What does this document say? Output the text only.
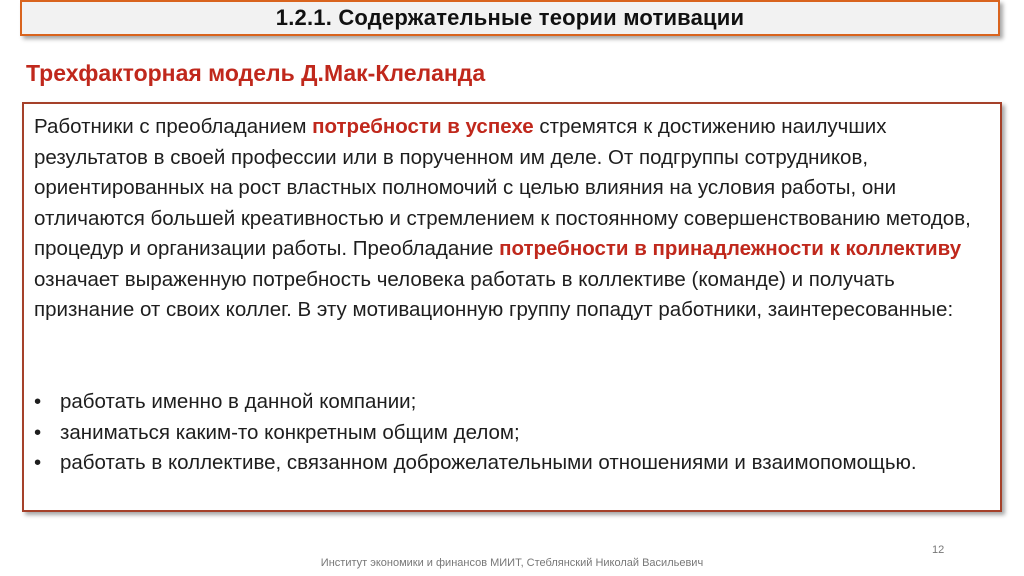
1.2.1. Содержательные теории мотивации
Трехфакторная модель Д.Мак-Клеланда

Работники с преобладанием потребности в успехе стремятся к достижению наилучших результатов в своей профессии или в порученном им деле. От подгруппы сотрудников, ориентированных на рост властных полномочий с целью влияния на условия работы, они отличаются большей креативностью и стремлением к постоянному совершенствованию методов, процедур и организации работы. Преобладание потребности в принадлежности к коллективу означает выраженную потребность человека работать в коллективе (команде) и получать признание от своих коллег. В эту мотивационную группу попадут работники, заинтересованные:

• работать именно в данной компании;
• заниматься каким-то конкретным общим делом;
• работать в коллективе, связанном доброжелательными отношениями и взаимопомощью.
12
Институт экономики и финансов МИИТ, Стеблянский Николай Васильевич
